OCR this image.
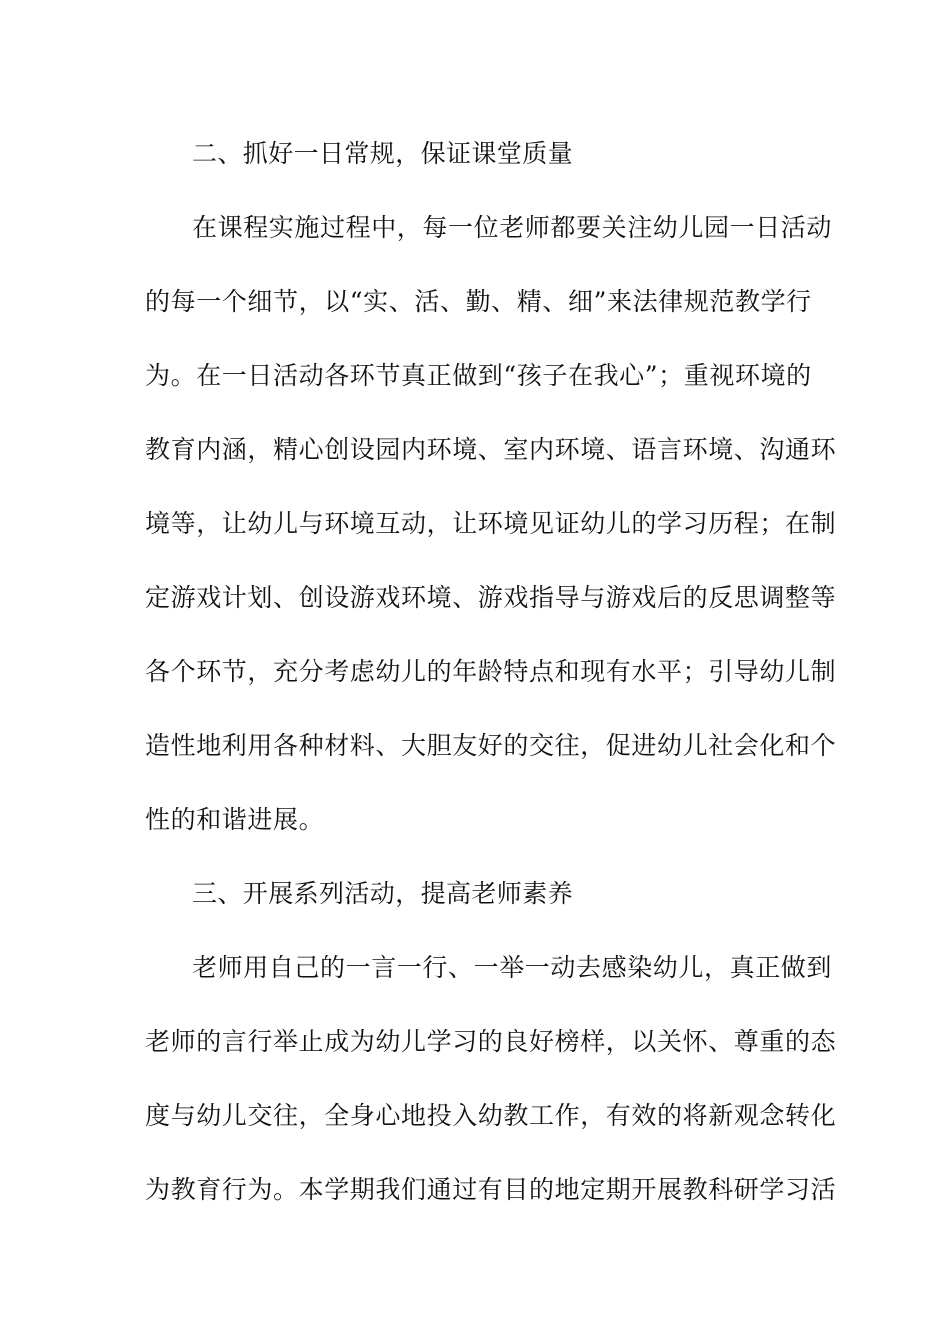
二、抓好一日常规，保证课堂质量
在课程实施过程中，每一位老师都要关注幼儿园一日活动
的每一个细节，以“实、活、勤、精、细”来法律规范教学行
为。在一日活动各环节真正做到“孩子在我心”；重视环境的
教育内涵，精心创设园内环境、室内环境、语言环境、沟通环
境等，让幼儿与环境互动，让环境见证幼儿的学习历程；在制
定游戏计划、创设游戏环境、游戏指导与游戏后的反思调整等
各个环节，充分考虑幼儿的年龄特点和现有水平；引导幼儿制
造性地利用各种材料、大胆友好的交往，促进幼儿社会化和个
性的和谐进展。
三、开展系列活动，提高老师素养
老师用自己的一言一行、一举一动去感染幼儿，真正做到
老师的言行举止成为幼儿学习的良好榜样，以关怀、尊重的态
度与幼儿交往，全身心地投入幼教工作，有效的将新观念转化
为教育行为。本学期我们通过有目的地定期开展教科研学习活
